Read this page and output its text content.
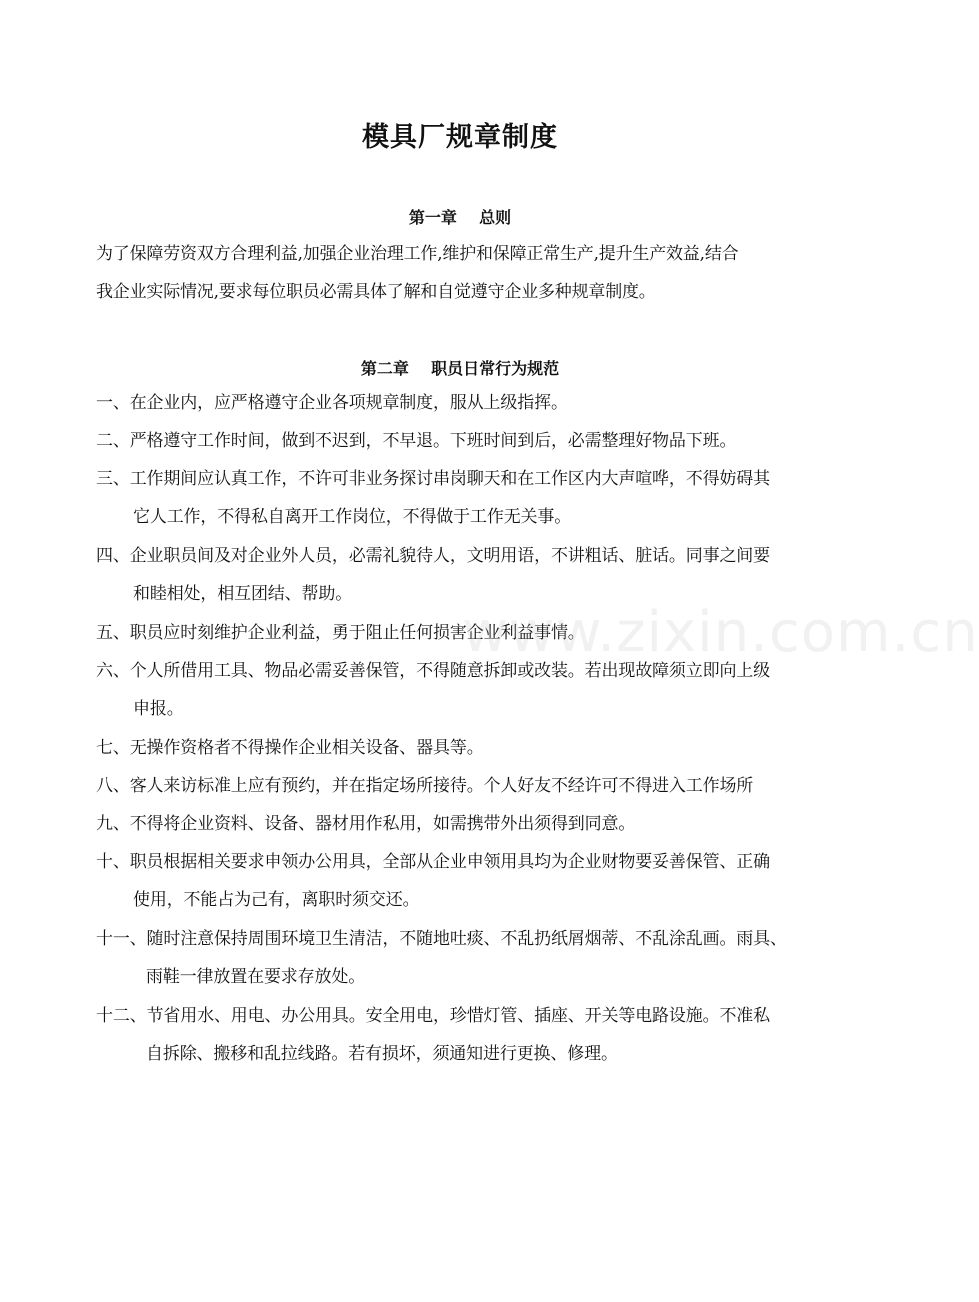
模具厂规章制度
第一章    总则
为了保障劳资双方合理利益,加强企业治理工作,维护和保障正常生产,提升生产效益,结合
我企业实际情况,要求每位职员必需具体了解和自觉遵守企业多种规章制度。
第二章    职员日常行为规范
一、在企业内，应严格遵守企业各项规章制度，服从上级指挥。
二、严格遵守工作时间，做到不迟到，不早退。下班时间到后，必需整理好物品下班。
三、工作期间应认真工作，不许可非业务探讨串岗聊天和在工作区内大声喧哗，不得妨碍其
它人工作，不得私自离开工作岗位，不得做于工作无关事。
四、企业职员间及对企业外人员，必需礼貌待人，文明用语，不讲粗话、脏话。同事之间要
和睦相处，相互团结、帮助。
五、职员应时刻维护企业利益，勇于阻止任何损害企业利益事情。
六、个人所借用工具、物品必需妥善保管，不得随意拆卸或改装。若出现故障须立即向上级
申报。
七、无操作资格者不得操作企业相关设备、器具等。
八、客人来访标准上应有预约，并在指定场所接待。个人好友不经许可不得进入工作场所
九、不得将企业资料、设备、器材用作私用，如需携带外出须得到同意。
十、职员根据相关要求申领办公用具，全部从企业申领用具均为企业财物要妥善保管、正确
使用，不能占为己有，离职时须交还。
十一、随时注意保持周围环境卫生清洁，不随地吐痰、不乱扔纸屑烟蒂、不乱涂乱画。雨具、
雨鞋一律放置在要求存放处。
十二、节省用水、用电、办公用具。安全用电，珍惜灯管、插座、开关等电路设施。不准私
自拆除、搬移和乱拉线路。若有损坏，须通知进行更换、修理。
www.zixin.com.cn
